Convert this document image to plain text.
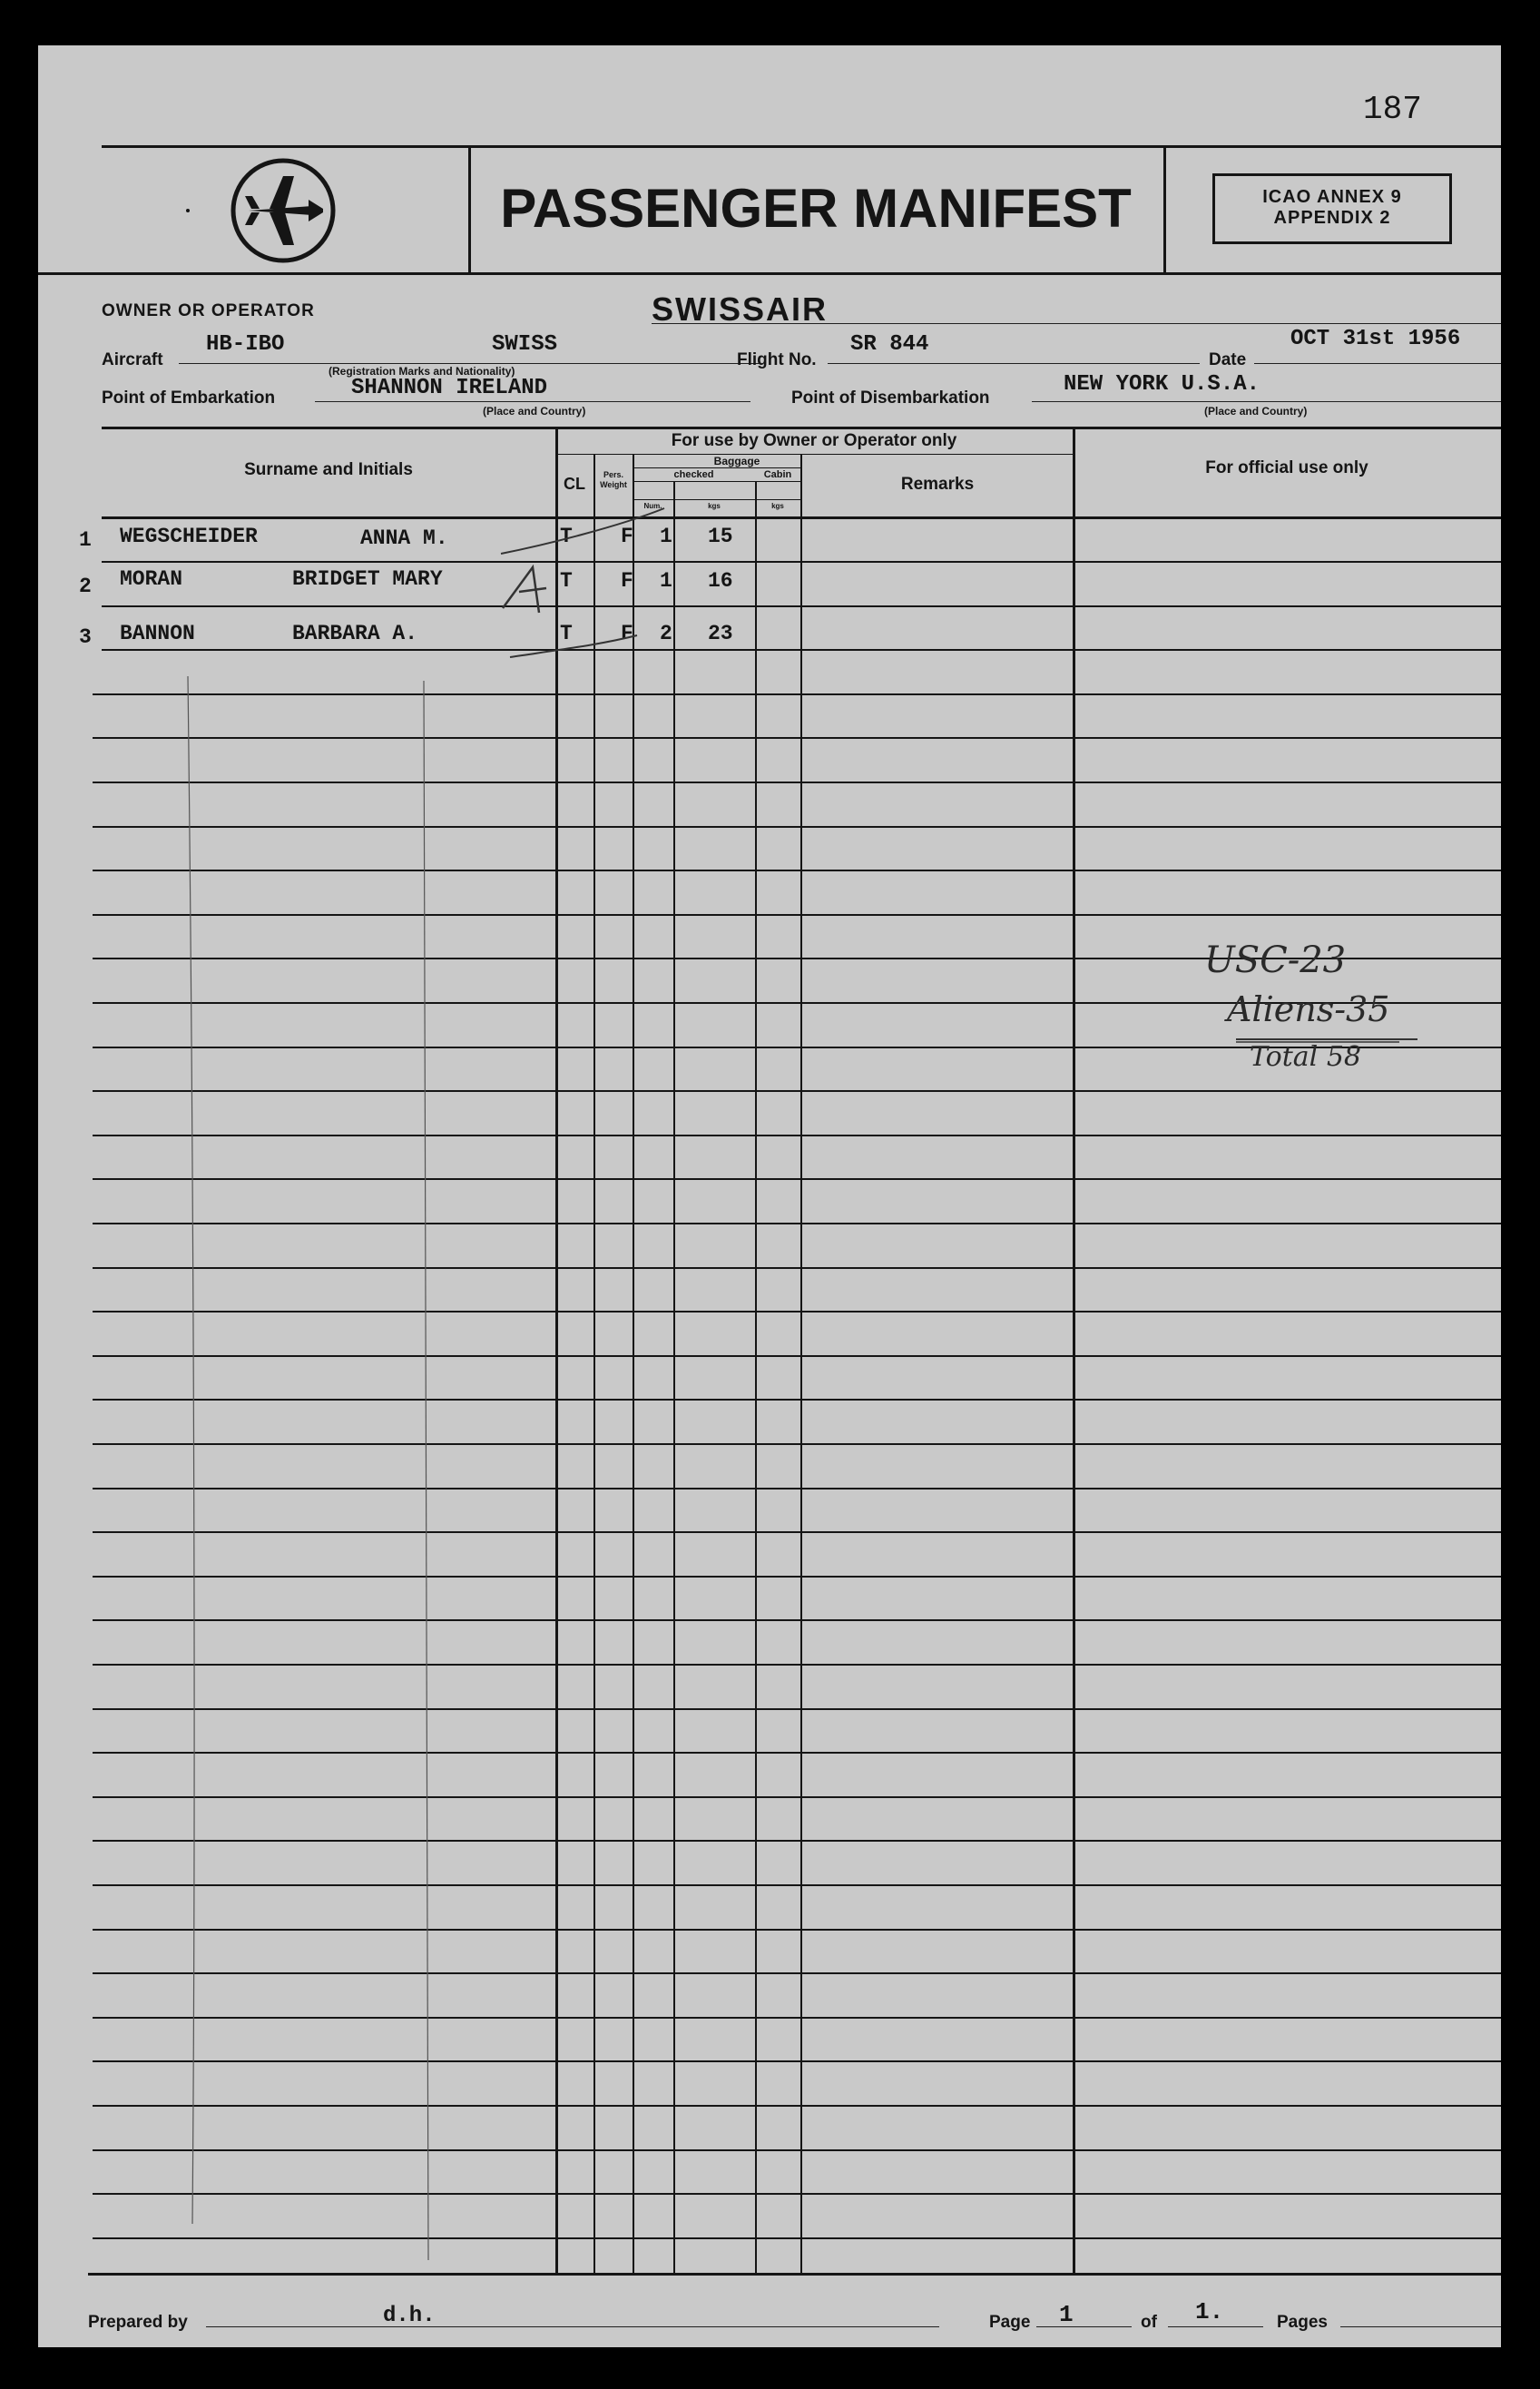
187
PASSENGER MANIFEST	ICAO ANNEX 9
APPENDIX 2
OWNER OR OPERATOR	SWISSAIR
Aircraft
HB-IBO	SWISS
(Registration Marks and Nationality)
Flight No.
SR 844
Date
OCT 31st 1956
Point of Embarkation	SHANNON IRELAND
(Place and Country)
Point of Disembarkation
NEW YORK U.S.A.
(Place and Country)
Surname and Initials
For use by Owner or Operator only
CL	Pers. Weight
Baggage
checked	Cabin
Num.	kgs	kgs
Remarks
For official use only
1 WEGSCHEIDER	ANNA M.	T F 1 15
2 MORAN	BRIDGET MARY	T F 1 16
3 BANNON	BARBARA A.	T F 2 23
USC-23
Aliens-35
Total 58
Prepared by	d.h.	Page 1	of 1.	Pages
